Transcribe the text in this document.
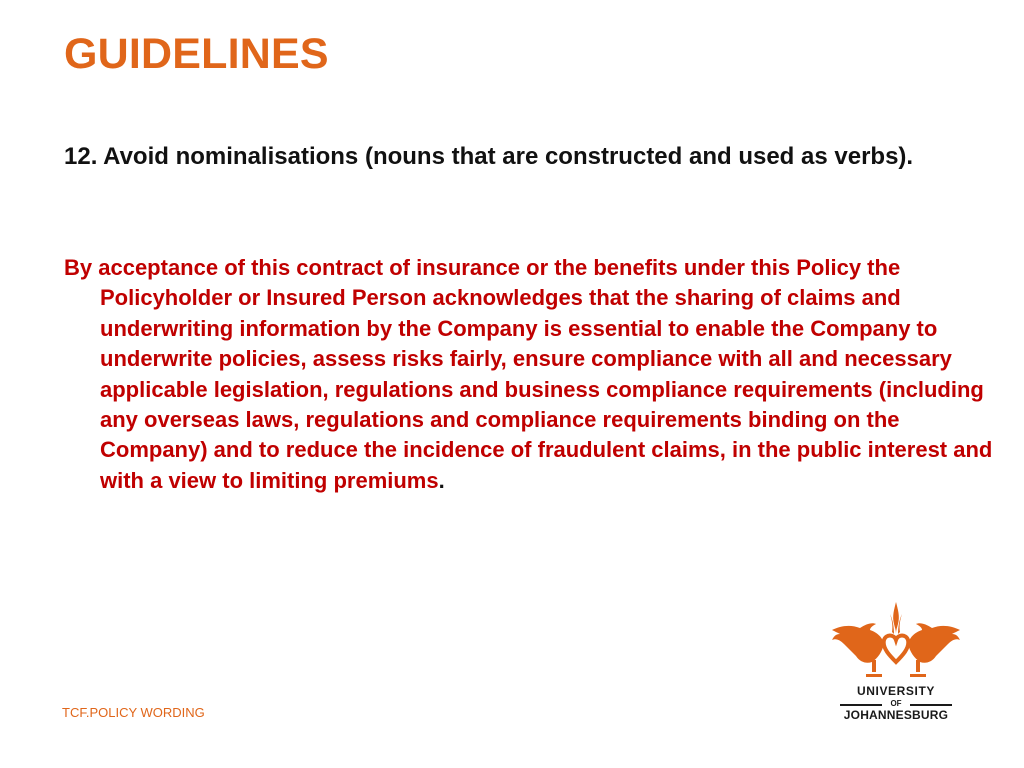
GUIDELINES

12. Avoid nominalisations (nouns that are constructed and used as verbs).

By acceptance of this contract of insurance or the benefits under this Policy the Policyholder or Insured Person acknowledges that the sharing of claims and underwriting information by the Company is essential to enable the Company to underwrite policies, assess risks fairly, ensure compliance with all and necessary applicable legislation, regulations and business compliance requirements (including any overseas laws, regulations and compliance requirements binding on the Company) and to reduce the incidence of fraudulent claims, in the public interest and with a view to limiting premiums.

TCF.POLICY WORDING

UNIVERSITY

OF

JOHANNESBURG
